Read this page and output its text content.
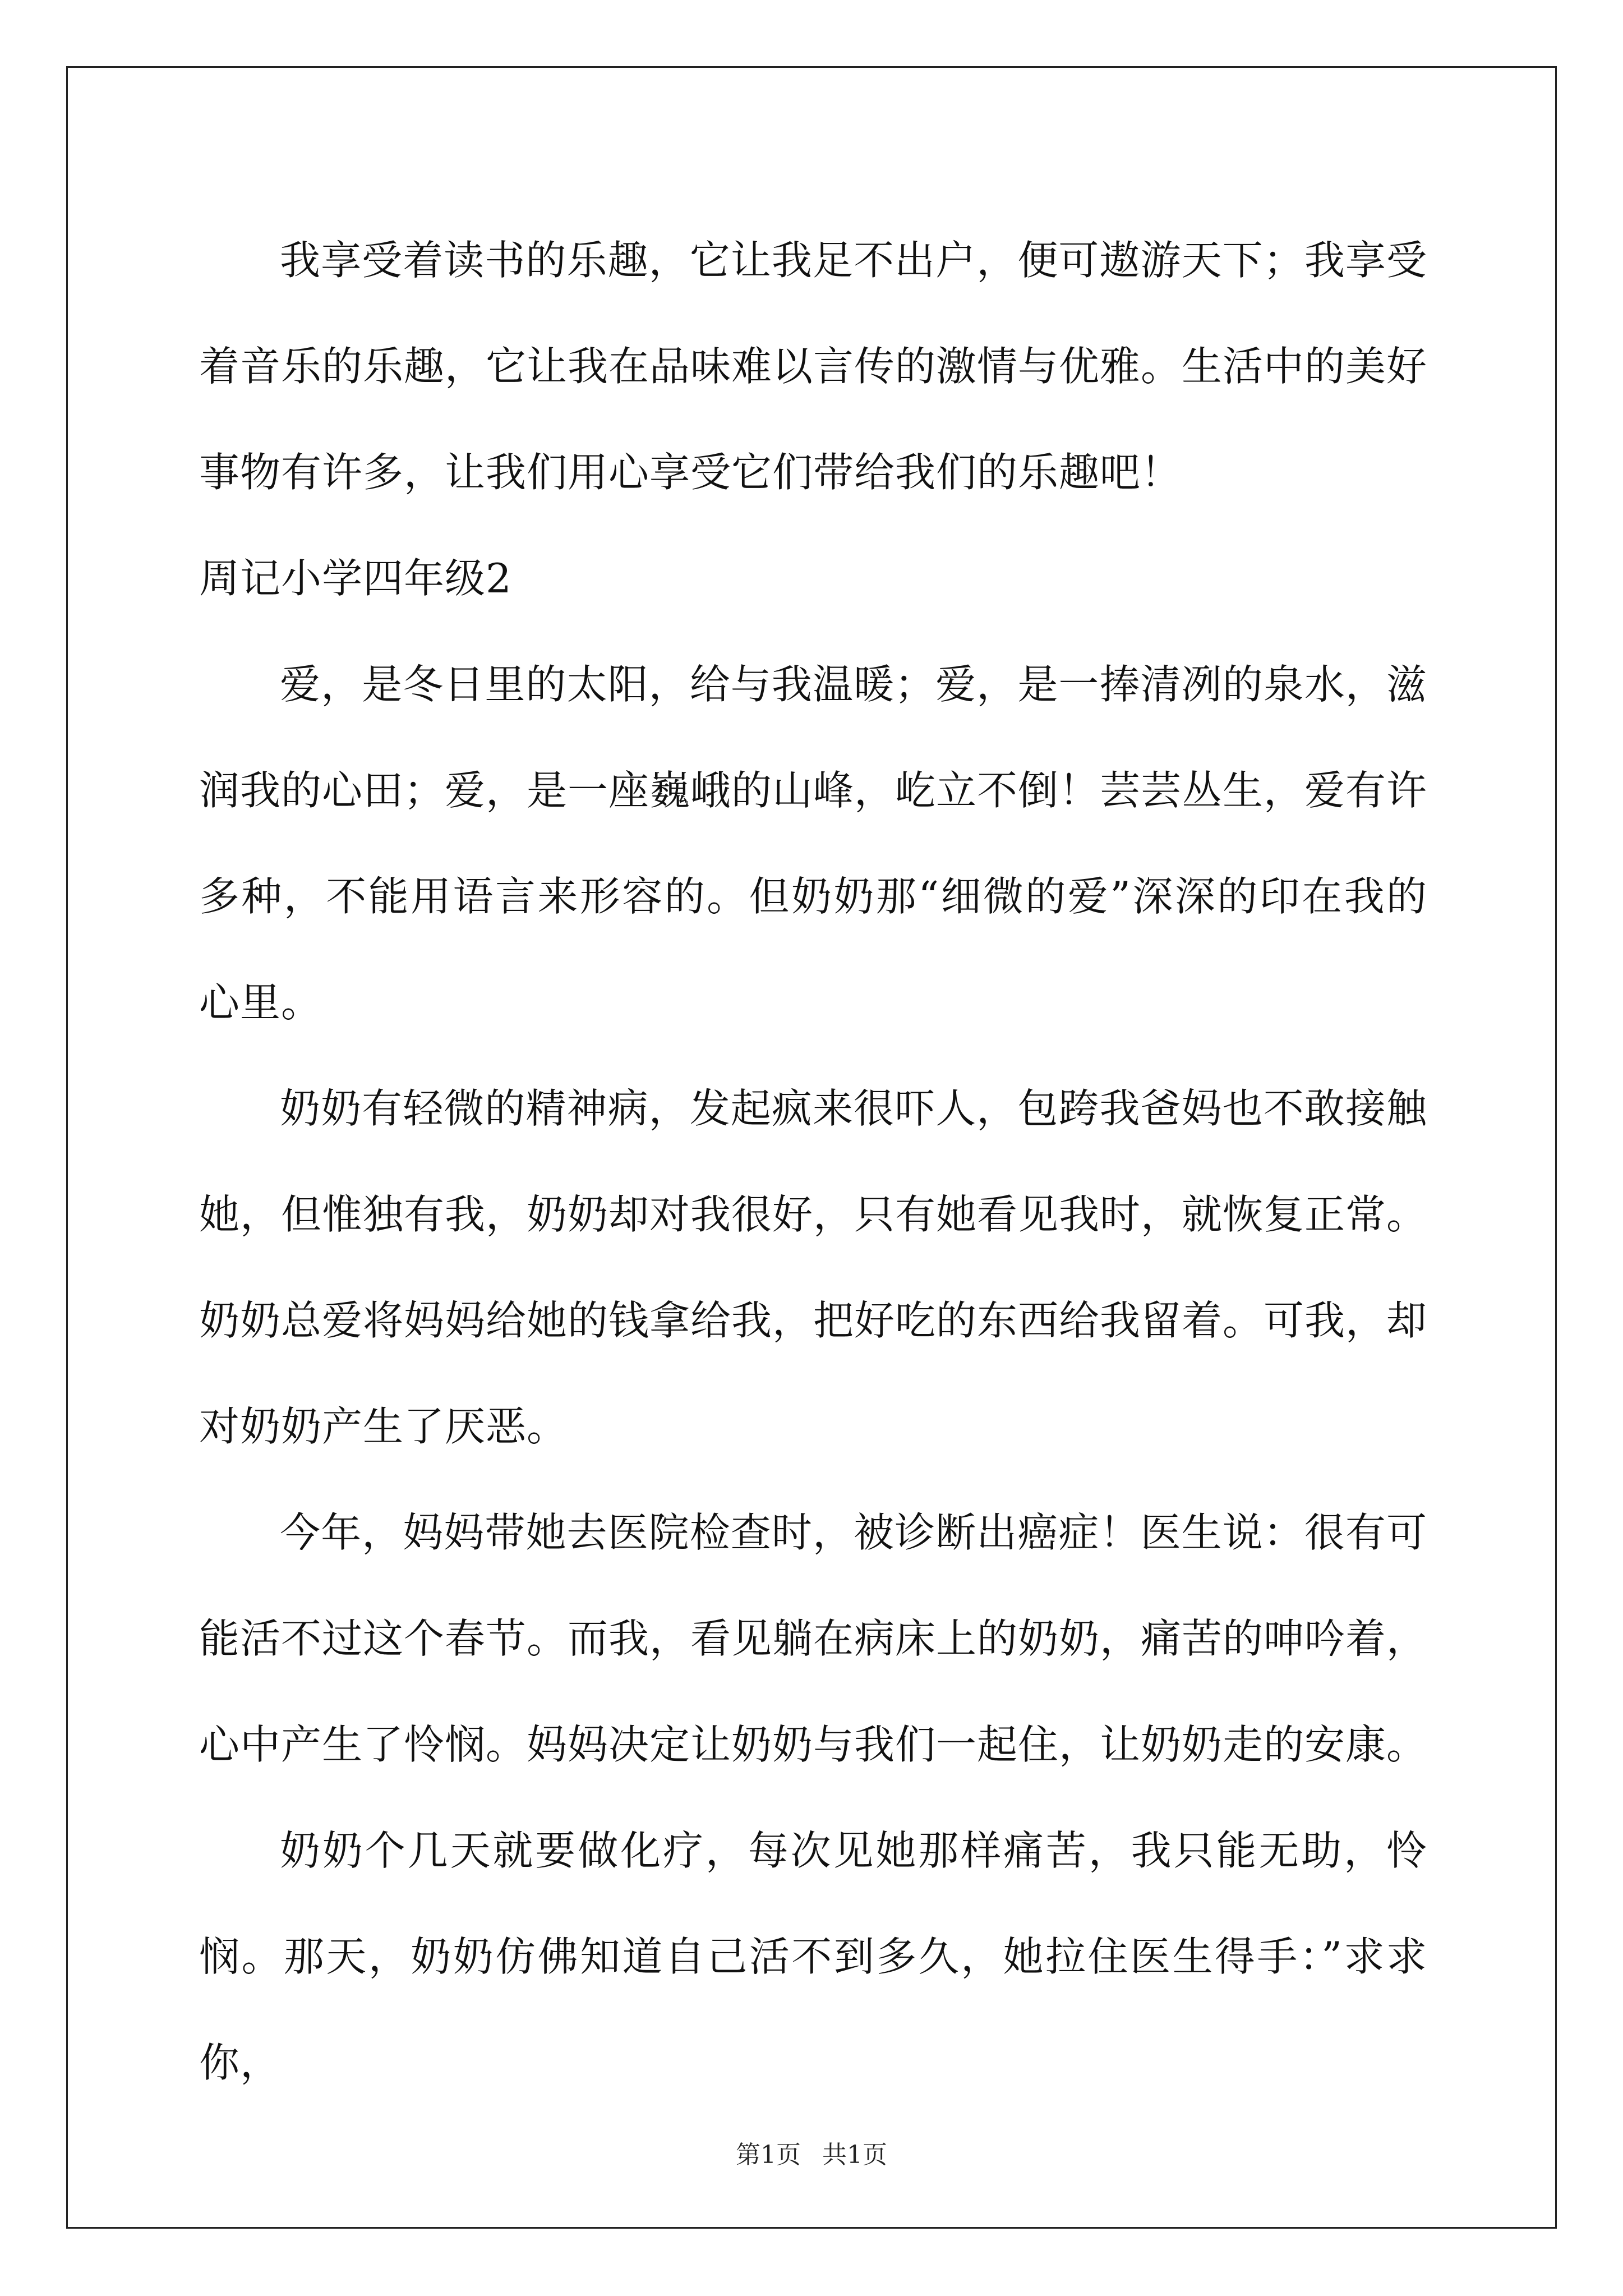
我享受着读书的乐趣，它让我足不出户，便可遨游天下；我享受着音乐的乐趣，它让我在品味难以言传的激情与优雅。生活中的美好事物有许多，让我们用心享受它们带给我们的乐趣吧！

周记小学四年级2

爱，是冬日里的太阳，给与我温暖；爱，是一捧清冽的泉水，滋润我的心田；爱，是一座巍峨的山峰，屹立不倒！芸芸丛生，爱有许多种，不能用语言来形容的。但奶奶那“细微的爱”深深的印在我的心里。

奶奶有轻微的精神病，发起疯来很吓人，包跨我爸妈也不敢接触她，但惟独有我，奶奶却对我很好，只有她看见我时，就恢复正常。奶奶总爱将妈妈给她的钱拿给我，把好吃的东西给我留着。可我，却对奶奶产生了厌恶。

今年，妈妈带她去医院检查时，被诊断出癌症！医生说：很有可能活不过这个春节。而我，看见躺在病床上的奶奶，痛苦的呻吟着，心中产生了怜悯。妈妈决定让奶奶与我们一起住，让奶奶走的安康。

奶奶个几天就要做化疗，每次见她那样痛苦，我只能无助，怜悯。那天，奶奶仿佛知道自己活不到多久，她拉住医生得手：”求求你，

第1页 共1页
